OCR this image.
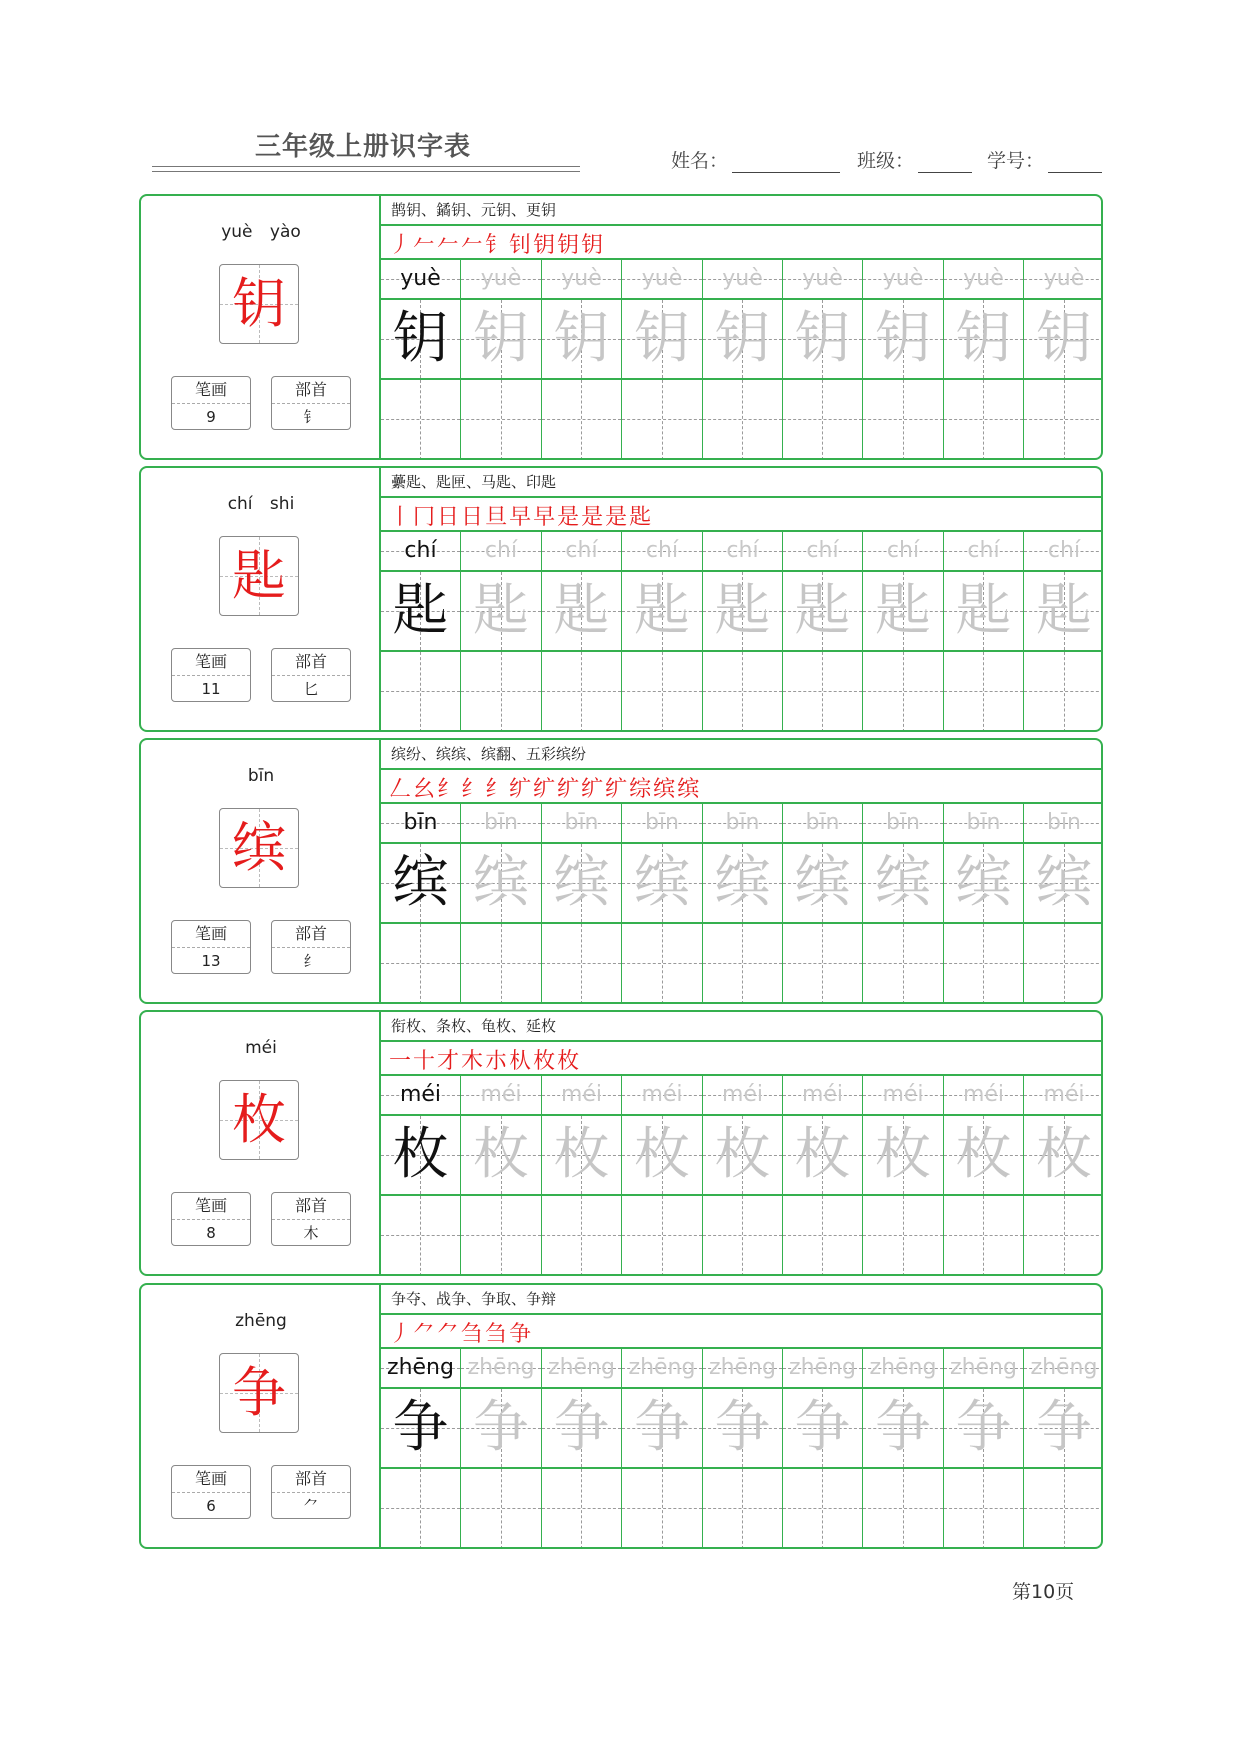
三年级上册识字表	姓名：	班级：	学号：
yuè yào
钥
笔画
9
部首
钅
鹊钥、鐍钥、元钥、更钥
丿 𠂉 𠂉 𠂉 钅 钊 钥 钥 钥
yuè
钥
yuè
钥
yuè
钥
yuè
钥
yuè
钥
yuè
钥
yuè
钥
yuè
钥
yuè
钥
chí shi
匙
笔画
11
部首
匕
虆匙、匙匣、马匙、印匙
丨 冂 日 日 旦 早 早 是 是 是 匙
chí
匙
chí
匙
chí
匙
chí
匙
chí
匙
chí
匙
chí
匙
chí
匙
chí
匙
bīn
缤
笔画
13
部首
纟
缤纷、缤缤、缤翻、五彩缤纷
𠃋 幺 纟 纟 纟 纩 纩 纩 纩 纩 综 缤 缤
bīn
缤
bīn
缤
bīn
缤
bīn
缤
bīn
缤
bīn
缤
bīn
缤
bīn
缤
bīn
缤
méi
枚
笔画
8
部首
木
衔枚、条枚、龟枚、延枚
一 十 才 木 朩 朲 枚 枚
méi
枚
méi
枚
méi
枚
méi
枚
méi
枚
méi
枚
méi
枚
méi
枚
méi
枚
zhēng
争
笔画
6
部首
⺈
争夺、战争、争取、争辩
丿 ⺈ ⺈ 刍 刍 争
zhēng
争
zhēng
争
zhēng
争
zhēng
争
zhēng
争
zhēng
争
zhēng
争
zhēng
争
zhēng
争
第10页
